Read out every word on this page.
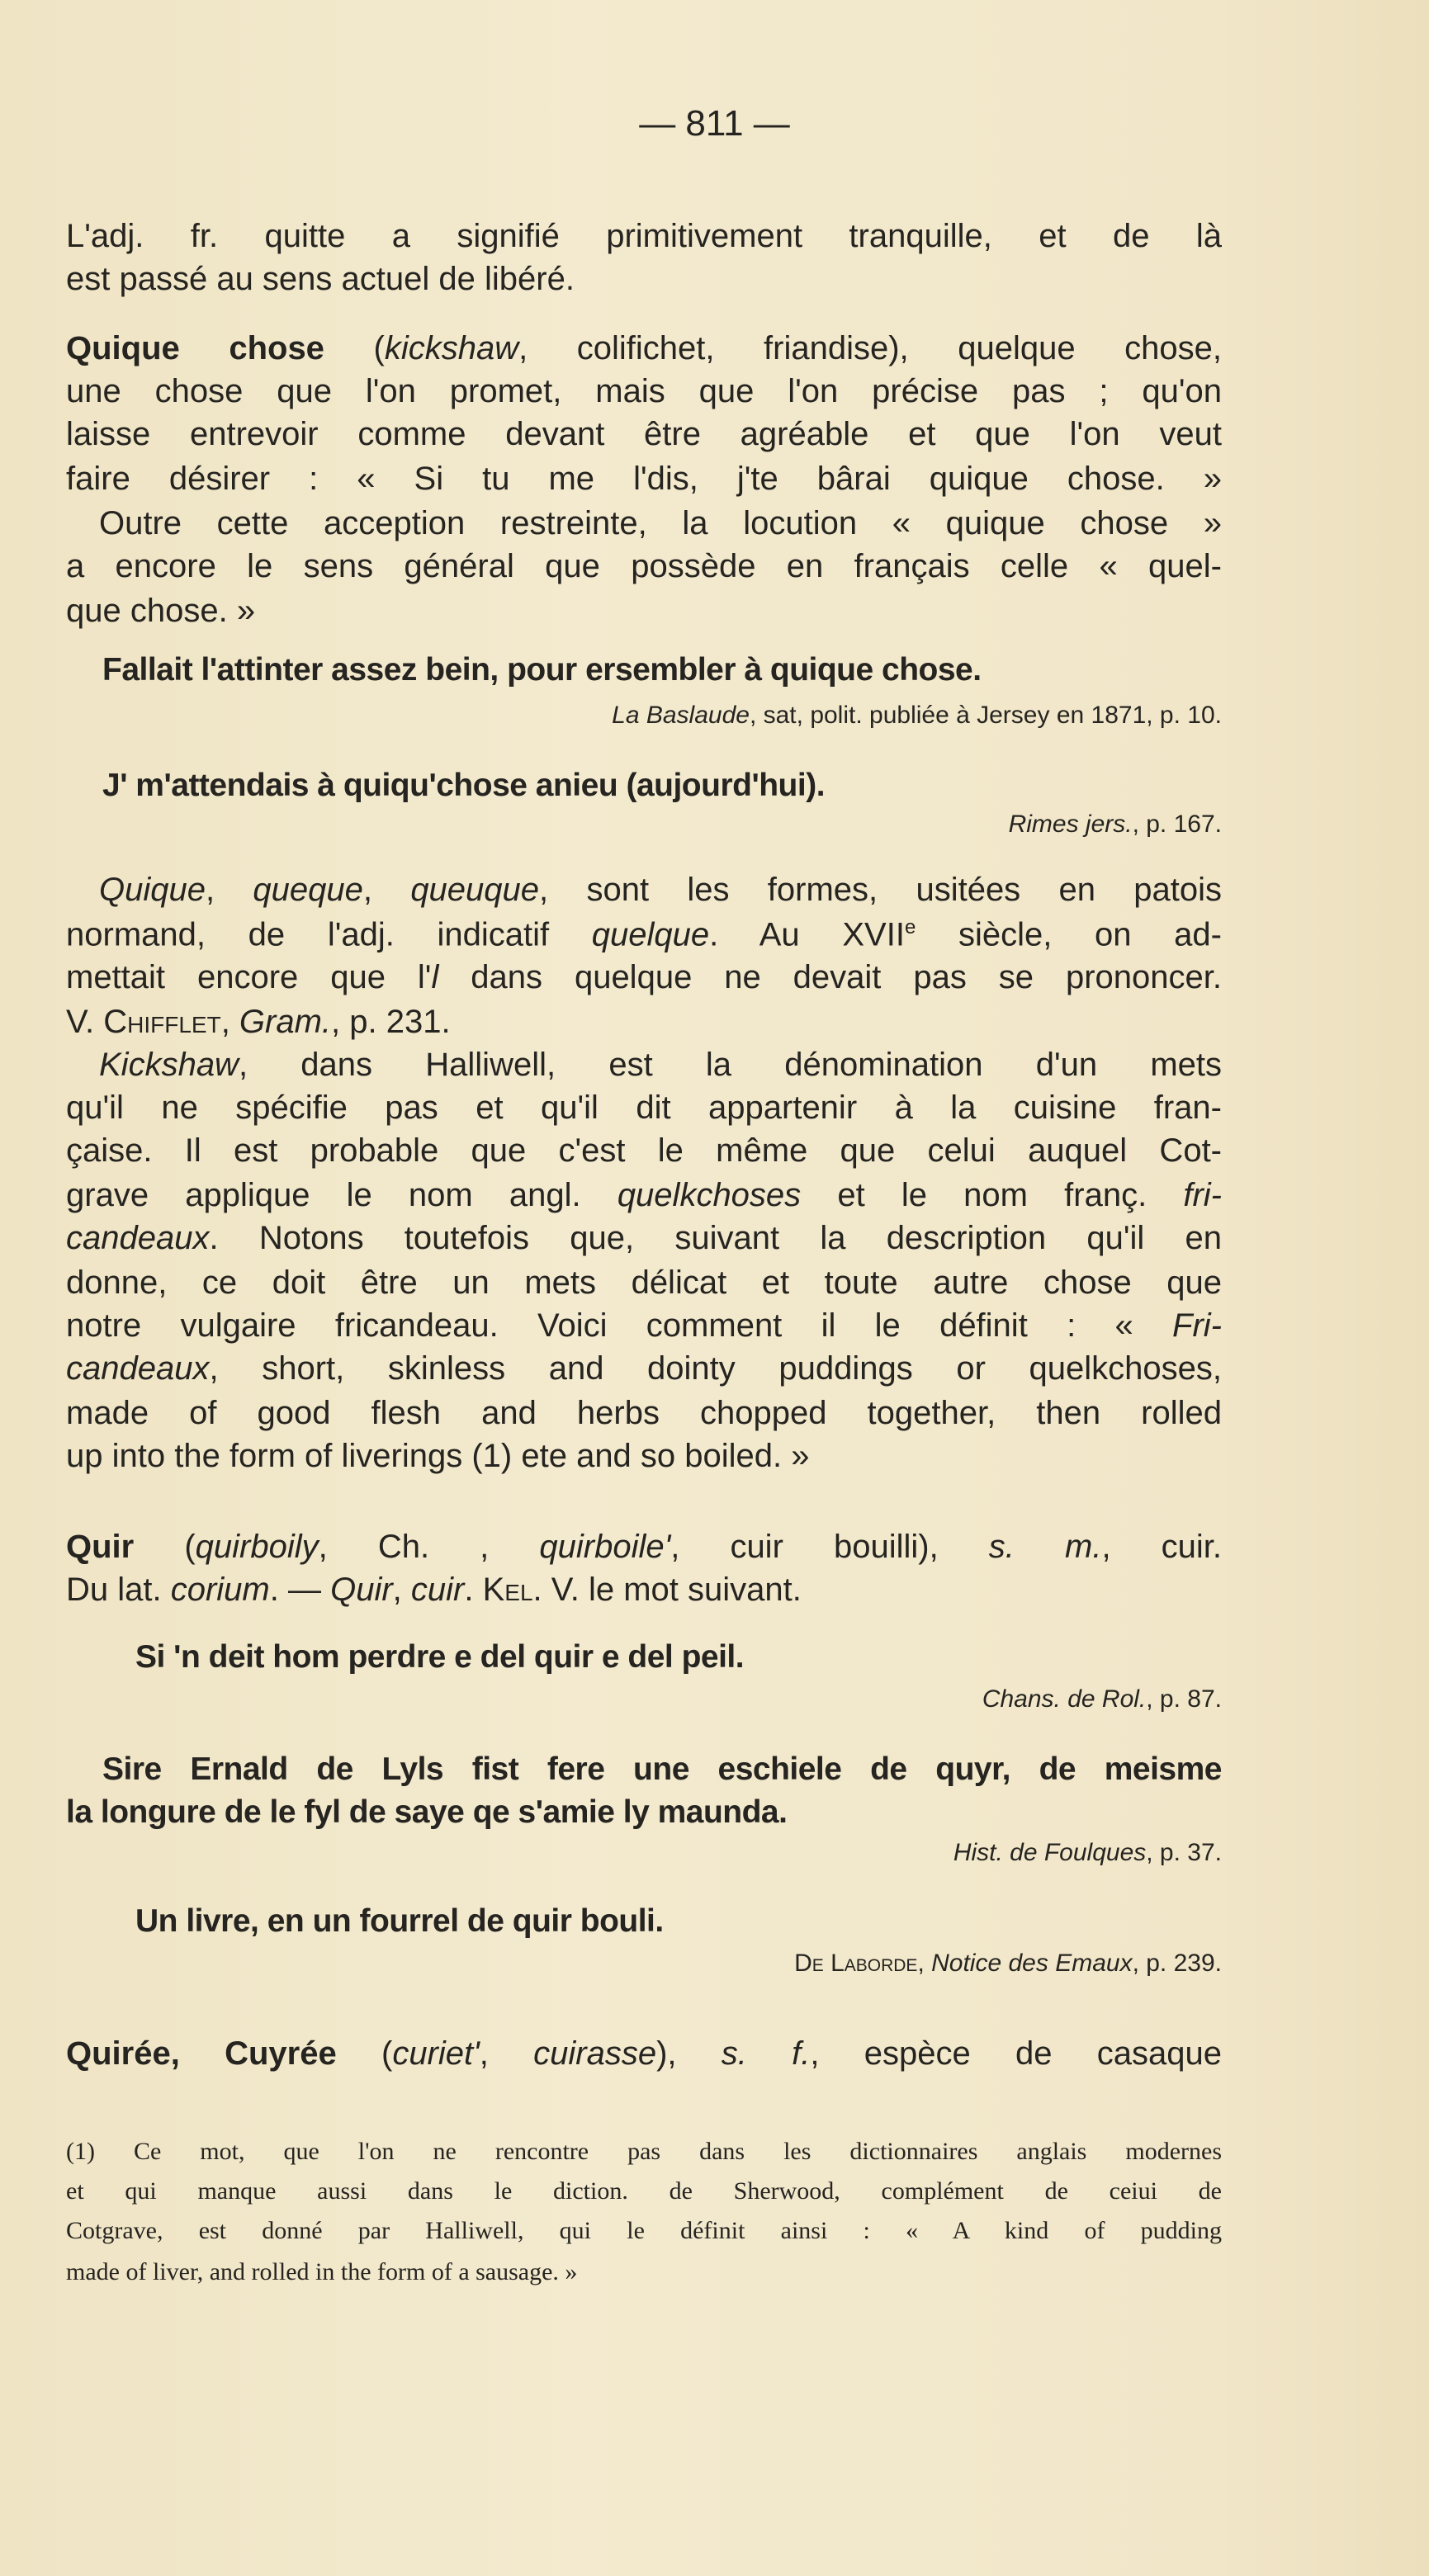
— 811 —
L'adj. fr. quitte a signifié primitivement tranquille, et de là
est passé au sens actuel de libéré.
Quique chose (kickshaw, colifichet, friandise), quelque chose,
une chose que l'on promet, mais que l'on précise pas ; qu'on
laisse entrevoir comme devant être agréable et que l'on veut
faire désirer : « Si tu me l'dis, j'te bârai quique chose. »
Outre cette acception restreinte, la locution « quique chose »
a encore le sens général que possède en français celle « quel-
que chose. »
Fallait l'attinter assez bein, pour ersembler à quique chose.
La Baslaude, sat, polit. publiée à Jersey en 1871, p. 10.
J' m'attendais à quiqu'chose anieu (aujourd'hui).
Rimes jers., p. 167.
Quique, queque, queuque, sont les formes, usitées en patois
normand, de l'adj. indicatif quelque. Au XVIIe siècle, on ad-
mettait encore que l'l dans quelque ne devait pas se prononcer.
V. Chifflet, Gram., p. 231.
Kickshaw, dans Halliwell, est la dénomination d'un mets
qu'il ne spécifie pas et qu'il dit appartenir à la cuisine fran-
çaise. Il est probable que c'est le même que celui auquel Cot-
grave applique le nom angl. quelkchoses et le nom franç. fri-
candeaux. Notons toutefois que, suivant la description qu'il en
donne, ce doit être un mets délicat et toute autre chose que
notre vulgaire fricandeau. Voici comment il le définit : « Fri-
candeaux, short, skinless and dointy puddings or quelkchoses,
made of good flesh and herbs chopped together, then rolled
up into the form of liverings (1) ete and so boiled. »
Quir (quirboily, Ch. , quirboile', cuir bouilli), s. m., cuir.
Du lat. corium. — Quir, cuir. Kel. V. le mot suivant.
Si 'n deit hom perdre e del quir e del peil.
Chans. de Rol., p. 87.
Sire Ernald de Lyls fist fere une eschiele de quyr, de meisme
la longure de le fyl de saye qe s'amie ly maunda.
Hist. de Foulques, p. 37.
Un livre, en un fourrel de quir bouli.
De Laborde, Notice des Emaux, p. 239.
Quirée, Cuyrée (curiet', cuirasse), s. f., espèce de casaque
(1) Ce mot, que l'on ne rencontre pas dans les dictionnaires anglais modernes
et qui manque aussi dans le diction. de Sherwood, complément de ceiui de
Cotgrave, est donné par Halliwell, qui le définit ainsi : « A kind of pudding
made of liver, and rolled in the form of a sausage. »
